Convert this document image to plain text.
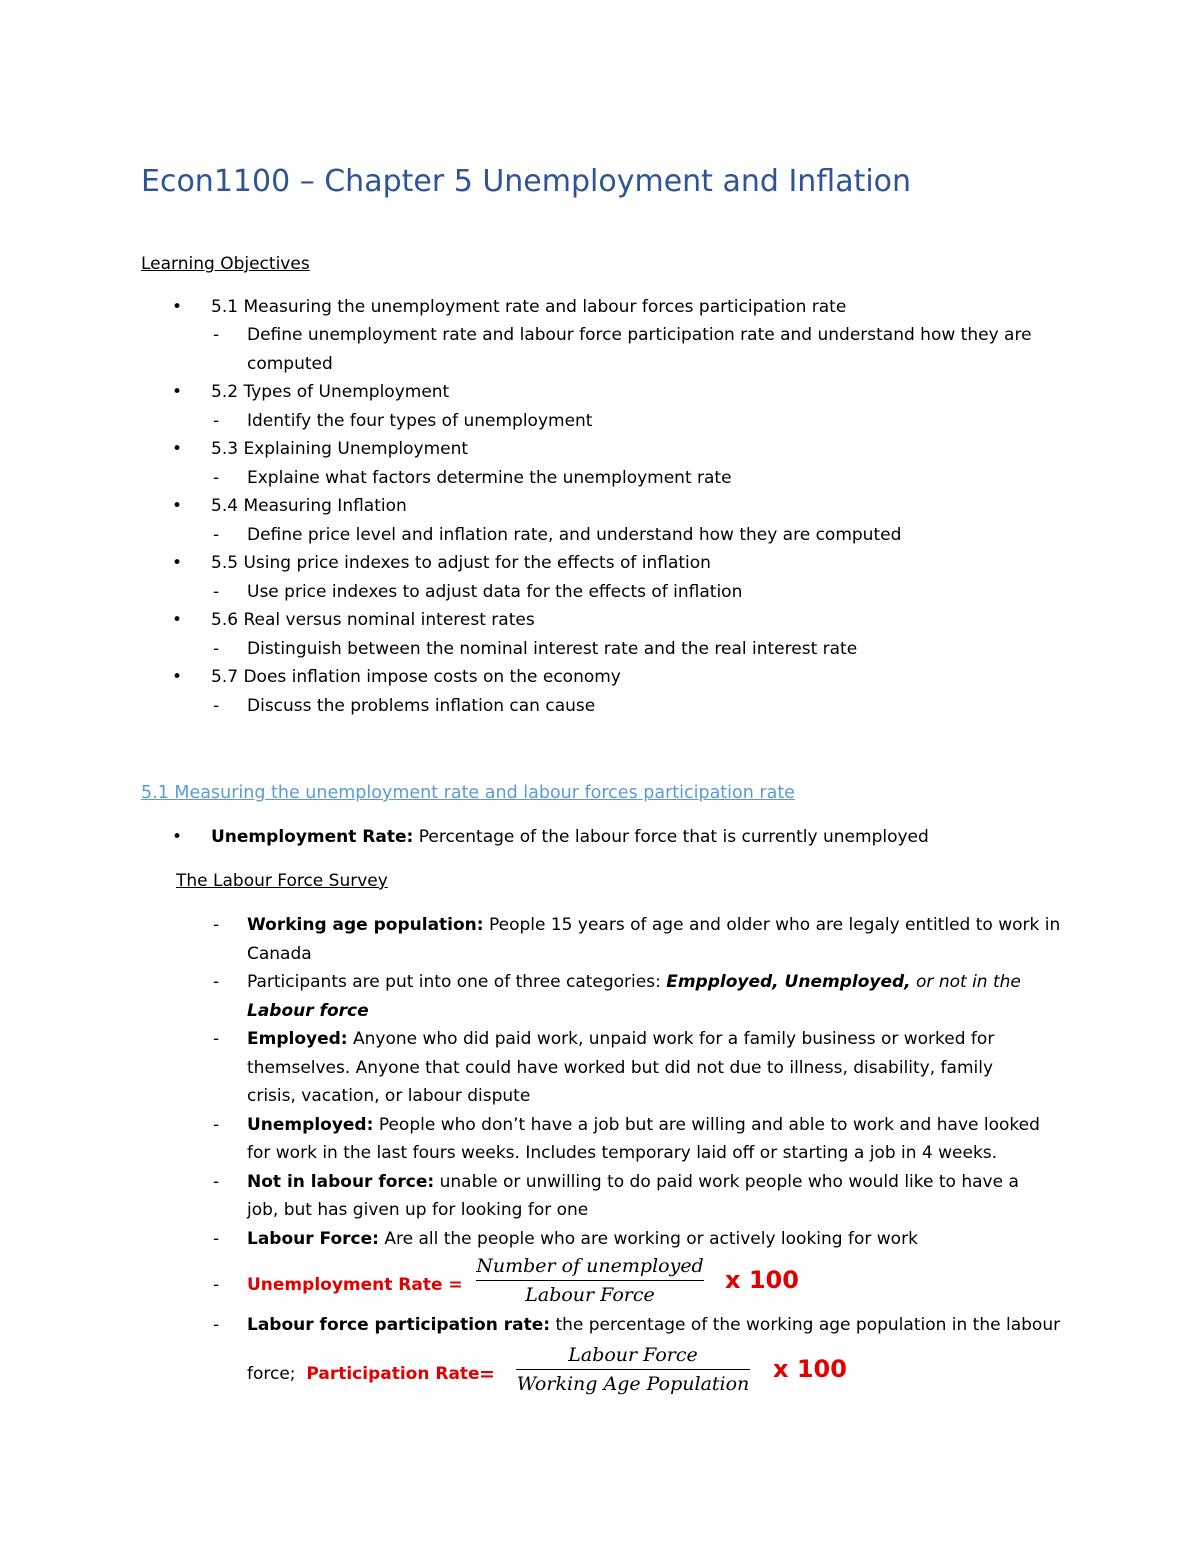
Econ1100 – Chapter 5 Unemployment and Inflation

Learning Objectives

• 5.1 Measuring the unemployment rate and labour forces participation rate
- Define unemployment rate and labour force participation rate and understand how they are
computed
• 5.2 Types of Unemployment
- Identify the four types of unemployment
• 5.3 Explaining Unemployment
- Explaine what factors determine the unemployment rate
• 5.4 Measuring Inflation
- Define price level and inflation rate, and understand how they are computed
• 5.5 Using price indexes to adjust for the effects of inflation
- Use price indexes to adjust data for the effects of inflation
• 5.6 Real versus nominal interest rates
- Distinguish between the nominal interest rate and the real interest rate
• 5.7 Does inflation impose costs on the economy
- Discuss the problems inflation can cause

5.1 Measuring the unemployment rate and labour forces participation rate

• Unemployment Rate: Percentage of the labour force that is currently unemployed

The Labour Force Survey

- Working age population: People 15 years of age and older who are legaly entitled to work in
Canada
- Participants are put into one of three categories: Empployed, Unemployed, or not in the
Labour force
- Employed: Anyone who did paid work, unpaid work for a family business or worked for
themselves. Anyone that could have worked but did not due to illness, disability, family
crisis, vacation, or labour dispute
- Unemployed: People who don’t have a job but are willing and able to work and have looked
for work in the last fours weeks. Includes temporary laid off or starting a job in 4 weeks.
- Not in labour force: unable or unwilling to do paid work people who would like to have a
job, but has given up for looking for one
- Labour Force: Are all the people who are working or actively looking for work
- Unemployment Rate =
Number of unemployed
Labour Force
x 100
- Labour force participation rate: the percentage of the working age population in the labour
force; Participation Rate =
Labour Force
Working Age Population
x 100
